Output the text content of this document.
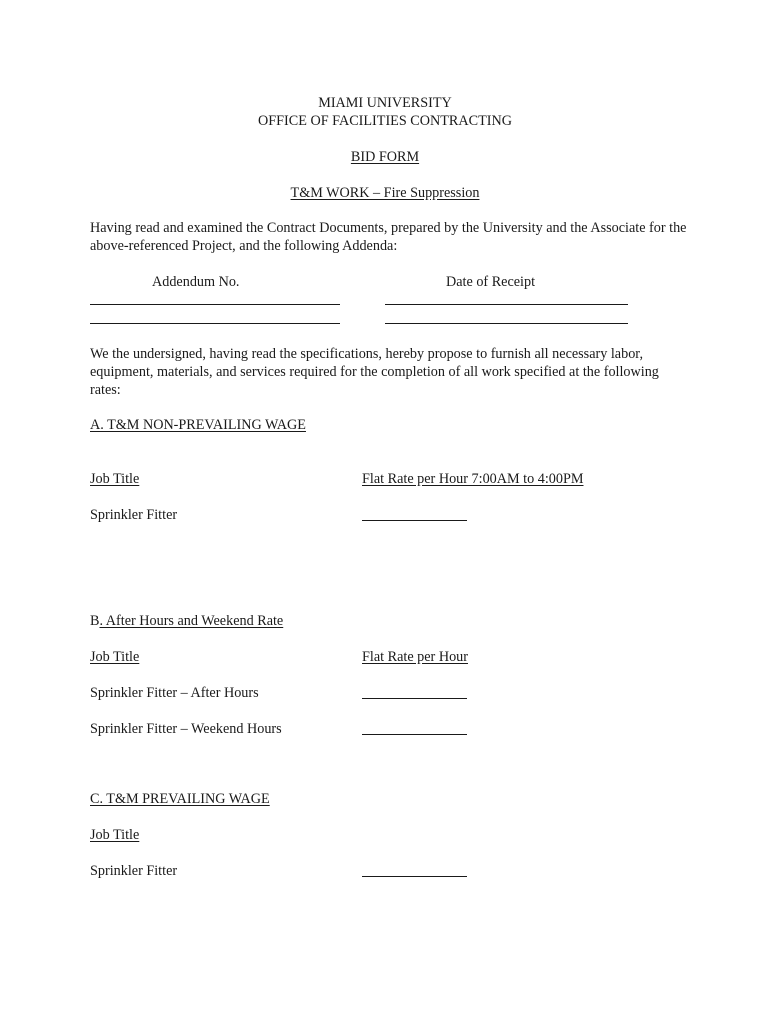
MIAMI UNIVERSITY
OFFICE OF FACILITIES CONTRACTING
BID FORM
T&M WORK – Fire Suppression
Having read and examined the Contract Documents, prepared by the University and the Associate for the above-referenced Project, and the following Addenda:
Addendum No.	Date of Receipt
We the undersigned, having read the specifications, hereby propose to furnish all necessary labor, equipment, materials, and services required for the completion of all work specified at the following rates:
A. T&M NON-PREVAILING WAGE
Job Title	Flat Rate per Hour 7:00AM to 4:00PM
Sprinkler Fitter
B. After Hours and Weekend Rate
Job Title	Flat Rate per Hour
Sprinkler Fitter – After Hours
Sprinkler Fitter – Weekend Hours
C. T&M PREVAILING WAGE
Job Title
Sprinkler Fitter
